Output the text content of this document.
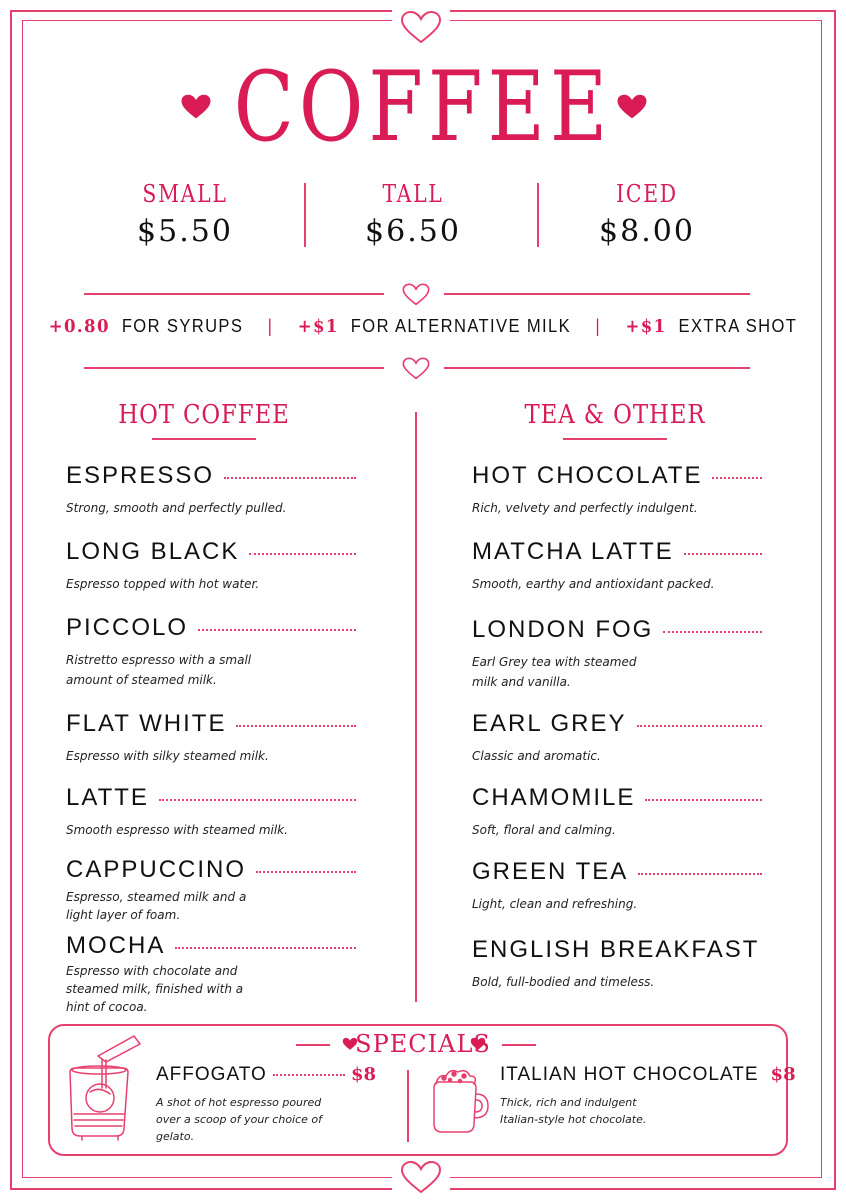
COFFEE
SMALL
$5.50
TALL
$6.50
ICED
$8.00
+0.80 FOR SYRUPS | +$1 FOR ALTERNATIVE MILK | +$1 EXTRA SHOT
HOT COFFEE	TEA & OTHER
ESPRESSO
Strong, smooth and perfectly pulled.
LONG BLACK
Espresso topped with hot water.
PICCOLO
Ristretto espresso with a small amount of steamed milk.
FLAT WHITE
Espresso with silky steamed milk.
LATTE
Smooth espresso with steamed milk.
CAPPUCCINO
Espresso, steamed milk and a light layer of foam.
MOCHA
Espresso with chocolate and steamed milk, finished with a hint of cocoa.
HOT CHOCOLATE
Rich, velvety and perfectly indulgent.
MATCHA LATTE
Smooth, earthy and antioxidant packed.
LONDON FOG
Earl Grey tea with steamed milk and vanilla.
EARL GREY
Classic and aromatic.
CHAMOMILE
Soft, floral and calming.
GREEN TEA
Light, clean and refreshing.
ENGLISH BREAKFAST
Bold, full-bodied and timeless.
SPECIALS
AFFOGATO	$8
A shot of hot espresso poured over a scoop of your choice of gelato.
ITALIAN HOT CHOCOLATE $8
Thick, rich and indulgent Italian-style hot chocolate.
